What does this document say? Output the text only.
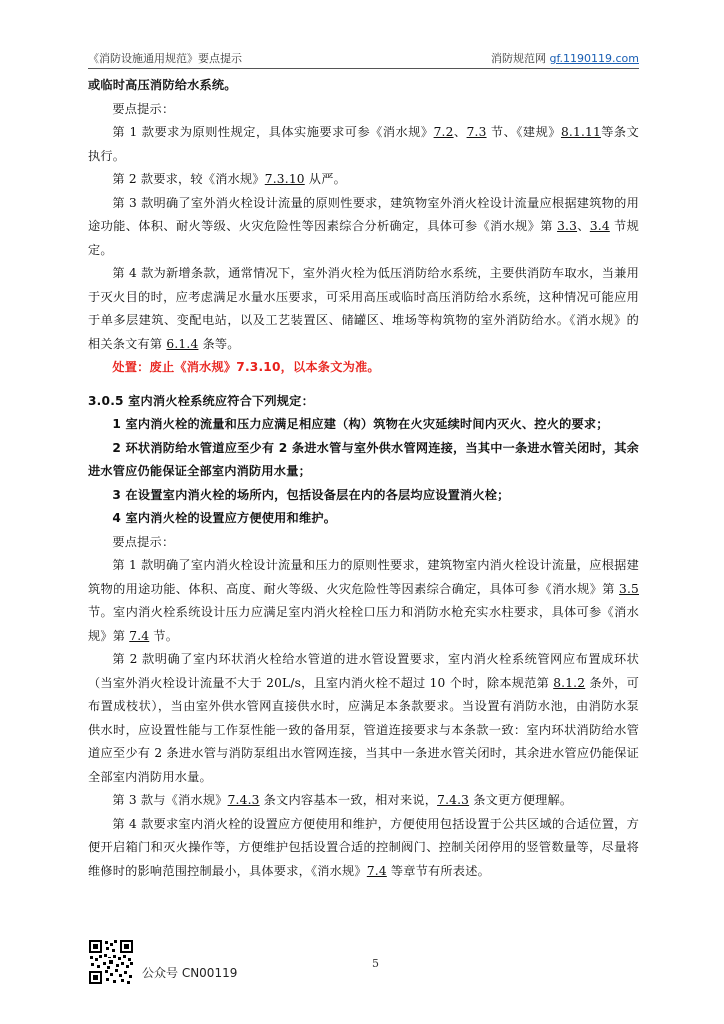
《消防设施通用规范》要点提示	消防规范网 gf.1190119.com

或临时高压消防给水系统。

要点提示：

第 1 款要求为原则性规定，具体实施要求可参《消水规》7.2、7.3 节、《建规》8.1.11等条文执行。

第 2 款要求，较《消水规》7.3.10 从严。

第 3 款明确了室外消火栓设计流量的原则性要求，建筑物室外消火栓设计流量应根据建筑物的用途功能、体积、耐火等级、火灾危险性等因素综合分析确定，具体可参《消水规》第 3.3、3.4 节规定。

第 4 款为新增条款，通常情况下，室外消火栓为低压消防给水系统，主要供消防车取水，当兼用于灭火目的时，应考虑满足水量水压要求，可采用高压或临时高压消防给水系统，这种情况可能应用于单多层建筑、变配电站，以及工艺装置区、储罐区、堆场等构筑物的室外消防给水。《消水规》的相关条文有第 6.1.4 条等。

处置：废止《消水规》7.3.10，以本条文为准。

3.0.5 室内消火栓系统应符合下列规定：

1 室内消火栓的流量和压力应满足相应建（构）筑物在火灾延续时间内灭火、控火的要求；

2 环状消防给水管道应至少有 2 条进水管与室外供水管网连接，当其中一条进水管关闭时，其余进水管应仍能保证全部室内消防用水量；

3 在设置室内消火栓的场所内，包括设备层在内的各层均应设置消火栓；

4 室内消火栓的设置应方便使用和维护。

要点提示：

第 1 款明确了室内消火栓设计流量和压力的原则性要求，建筑物室内消火栓设计流量，应根据建筑物的用途功能、体积、高度、耐火等级、火灾危险性等因素综合确定，具体可参《消水规》第 3.5 节。室内消火栓系统设计压力应满足室内消火栓栓口压力和消防水枪充实水柱要求，具体可参《消水规》第 7.4 节。

第 2 款明确了室内环状消火栓给水管道的进水管设置要求，室内消火栓系统管网应布置成环状（当室外消火栓设计流量不大于 20L/s，且室内消火栓不超过 10 个时，除本规范第 8.1.2 条外，可布置成枝状），当由室外供水管网直接供水时，应满足本条款要求。当设置有消防水池，由消防水泵供水时，应设置性能与工作泵性能一致的备用泵，管道连接要求与本条款一致：室内环状消防给水管道应至少有 2 条进水管与消防泵组出水管网连接，当其中一条进水管关闭时，其余进水管应仍能保证全部室内消防用水量。

第 3 款与《消水规》7.4.3 条文内容基本一致，相对来说，7.4.3 条文更方便理解。

第 4 款要求室内消火栓的设置应方便使用和维护，方便使用包括设置于公共区域的合适位置，方便开启箱门和灭火操作等，方便维护包括设置合适的控制阀门、控制关闭停用的竖管数量等，尽量将维修时的影响范围控制最小，具体要求，《消水规》7.4 等章节有所表述。

5
公众号 CN00119
